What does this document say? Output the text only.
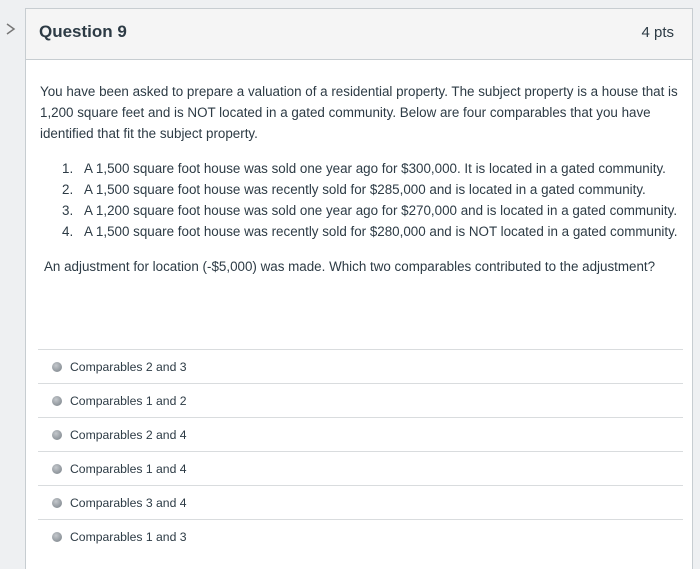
Question 9	4 pts

You have been asked to prepare a valuation of a residential property. The subject property is a house that is 1,200 square feet and is NOT located in a gated community. Below are four comparables that you have identified that fit the subject property.

1. A 1,500 square foot house was sold one year ago for $300,000. It is located in a gated community.
2. A 1,500 square foot house was recently sold for $285,000 and is located in a gated community.
3. A 1,200 square foot house was sold one year ago for $270,000 and is located in a gated community.
4. A 1,500 square foot house was recently sold for $280,000 and is NOT located in a gated community.

An adjustment for location (-$5,000) was made. Which two comparables contributed to the adjustment?

Comparables 2 and 3
Comparables 1 and 2
Comparables 2 and 4
Comparables 1 and 4
Comparables 3 and 4
Comparables 1 and 3
